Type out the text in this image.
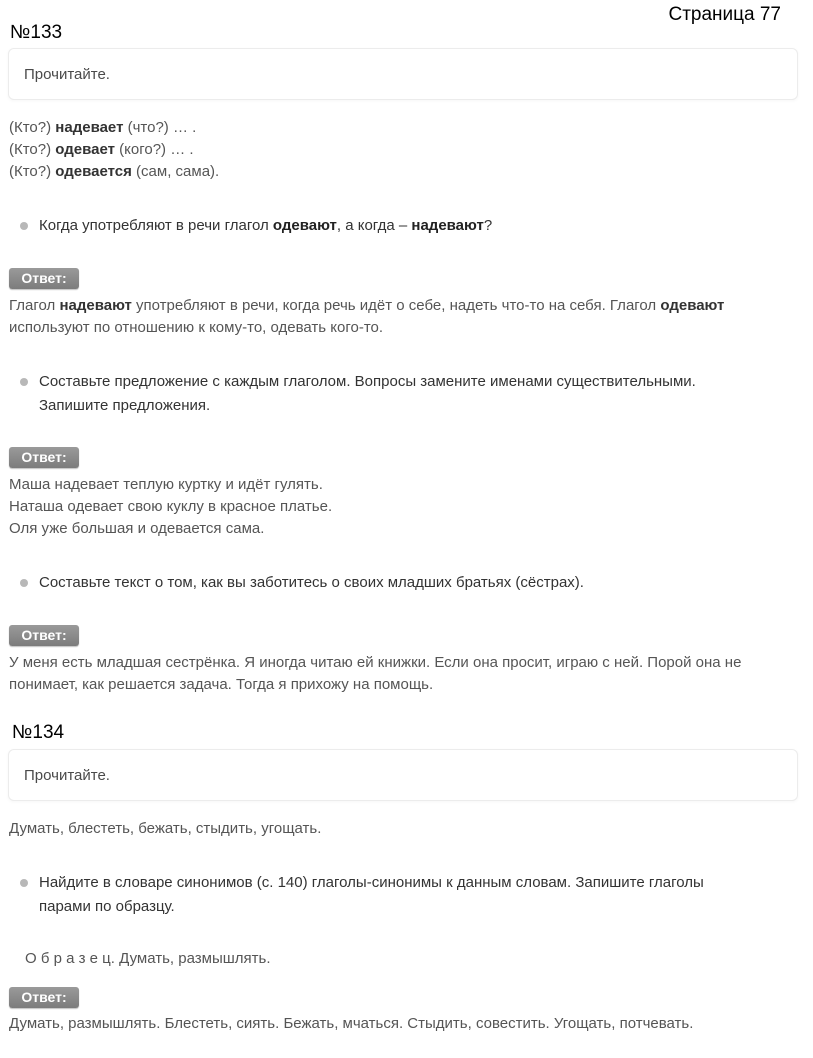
Страница 77
№133
Прочитайте.
(Кто?) надевает (что?) … .
(Кто?) одевает (кого?) … .
(Кто?) одевается (сам, сама).
Когда употребляют в речи глагол одевают, а когда – надевают?
Ответ:
Глагол надевают употребляют в речи, когда речь идёт о себе, надеть что-то на себя. Глагол одевают
используют по отношению к кому-то, одевать кого-то.
Составьте предложение с каждым глаголом. Вопросы замените именами существительными.
Запишите предложения.
Ответ:
Маша надевает теплую куртку и идёт гулять.
Наташа одевает свою куклу в красное платье.
Оля уже большая и одевается сама.
Составьте текст о том, как вы заботитесь о своих младших братьях (сёстрах).
Ответ:
У меня есть младшая сестрёнка. Я иногда читаю ей книжки. Если она просит, играю с ней. Порой она не
понимает, как решается задача. Тогда я прихожу на помощь.
№134
Прочитайте.
Думать, блестеть, бежать, стыдить, угощать.
Найдите в словаре синонимов (с. 140) глаголы-синонимы к данным словам. Запишите глаголы
парами по образцу.
О б р а з е ц. Думать, размышлять.
Ответ:
Думать, размышлять. Блестеть, сиять. Бежать, мчаться. Стыдить, совестить. Угощать, потчевать.
